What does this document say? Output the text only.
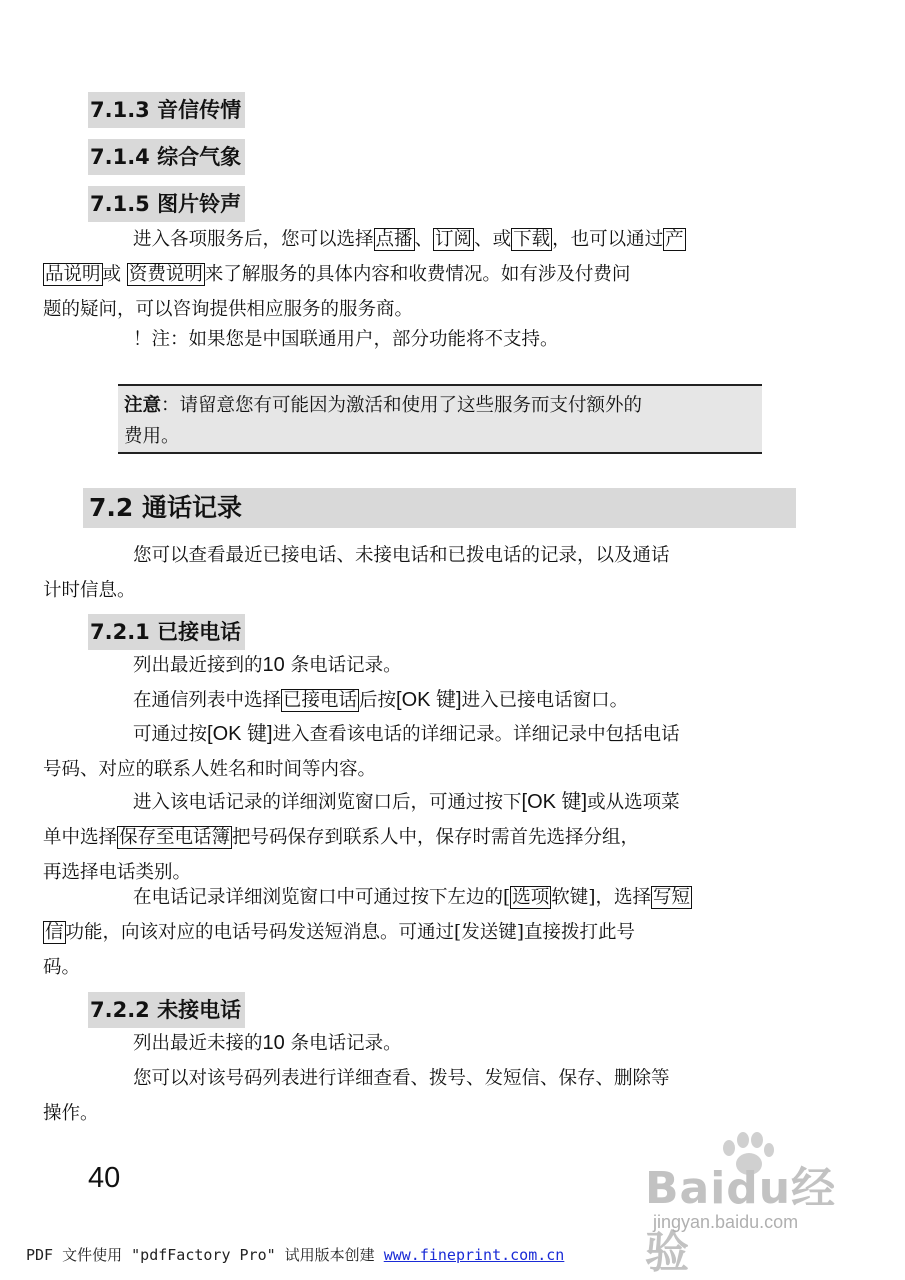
7.1.3 音信传情
7.1.4 综合气象
7.1.5 图片铃声
进入各项服务后，您可以选择 点播 、 订阅 、或 下载 ，也可以通过 产
品说明 或 资费说明 来了解服务的具体内容和收费情况。如有涉及付费问
题的疑问，可以咨询提供相应服务的服务商。
！注：如果您是中国联通用户，部分功能将不支持。
注意：请留意您有可能因为激活和使用了这些服务而支付额外的
费用。
7.2 通话记录
您可以查看最近已接电话、未接电话和已拨电话的记录，以及通话
计时信息。
7.2.1 已接电话
列出最近接到的10 条电话记录。
在通信列表中选择 已接电话 后按[OK 键]进入已接电话窗口。
可通过按[OK 键]进入查看该电话的详细记录。详细记录中包括电话
号码、对应的联系人姓名和时间等内容。
进入该电话记录的详细浏览窗口后，可通过按下[OK 键]或从选项菜
单中选择 保存至电话簿 把号码保存到联系人中，保存时需首先选择分组，
再选择电话类别。
在电话记录详细浏览窗口中可通过按下左边的[ 选项 软键]，选择 写短
信 功能，向该对应的电话号码发送短消息。可通过[发送键]直接拨打此号
码。
7.2.2 未接电话
列出最近未接的10 条电话记录。
您可以对该号码列表进行详细查看、拨号、发短信、保存、删除等
操作。
40	Baidu经验
jingyan.baidu.com
PDF 文件使用 "pdfFactory Pro" 试用版本创建 www.fineprint.com.cn
